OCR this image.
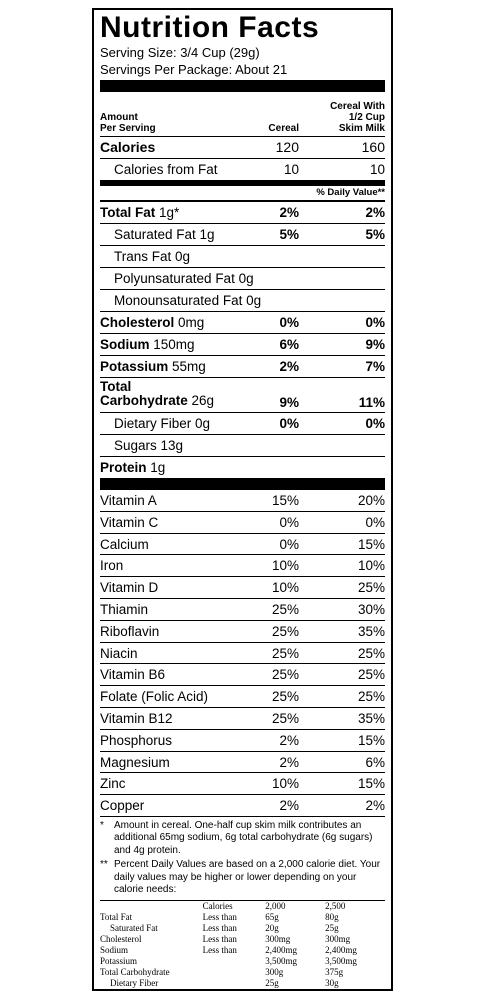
Nutrition Facts
Serving Size: 3/4 Cup (29g)
Servings Per Package: About 21
Amount
Per Serving	Cereal
Cereal With
1/2 Cup
Skim Milk
Calories	120	160
Calories from Fat	10	10
% Daily Value**
Total Fat 1g*	2%	2%
Saturated Fat 1g	5%	5%
Trans Fat 0g
Polyunsaturated Fat 0g
Monounsaturated Fat 0g
Cholesterol 0mg	0%	0%
Sodium 150mg	6%	9%
Potassium 55mg	2%	7%
Total
Carbohydrate 26g	9%	11%
Dietary Fiber 0g	0%	0%
Sugars 13g
Protein 1g
Vitamin A	15%	20%
Vitamin C	0%	0%
Calcium	0%	15%
Iron	10%	10%
Vitamin D	10%	25%
Thiamin	25%	30%
Riboflavin	25%	35%
Niacin	25%	25%
Vitamin B6	25%	25%
Folate (Folic Acid)	25%	25%
Vitamin B12	25%	35%
Phosphorus	2%	15%
Magnesium	2%	6%
Zinc	10%	15%
Copper	2%	2%
* Amount in cereal. One-half cup skim milk contributes an additional 65mg sodium, 6g total carbohydrate (6g sugars) and 4g protein.
** Percent Daily Values are based on a 2,000 calorie diet. Your daily values may be higher or lower depending on your calorie needs:
	Calories	2,000	2,500
Total Fat	Less than	65g	80g
Saturated Fat	Less than	20g	25g
Cholesterol	Less than	300mg	300mg
Sodium	Less than	2,400mg	2,400mg
Potassium		3,500mg	3,500mg
Total Carbohydrate		300g	375g
Dietary Fiber		25g	30g
